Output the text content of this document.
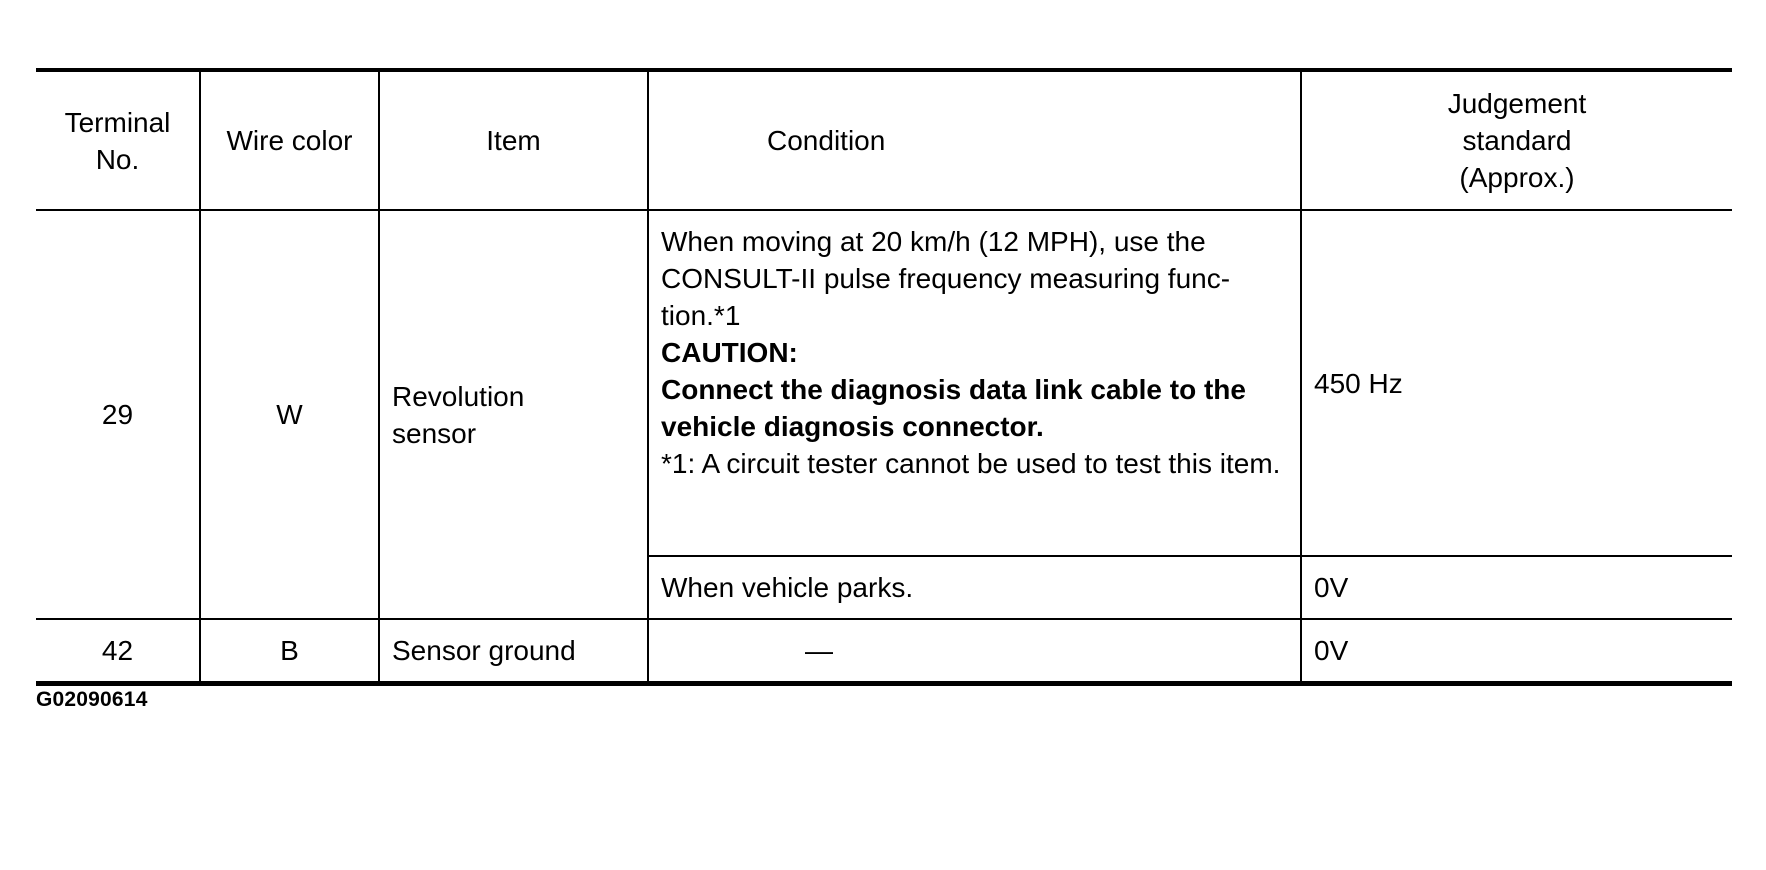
Terminal No.	Wire color	Item	Condition	Judgement standard (Approx.)

29	W	Revolution sensor	When moving at 20 km/h (12 MPH), use the CONSULT-II pulse frequency measuring func-tion.*1
CAUTION:
Connect the diagnosis data link cable to the vehicle diagnosis connector.
*1: A circuit tester cannot be used to test this item.	450 Hz
			When vehicle parks.	0V
42	B	Sensor ground	—	0V
G02090614
